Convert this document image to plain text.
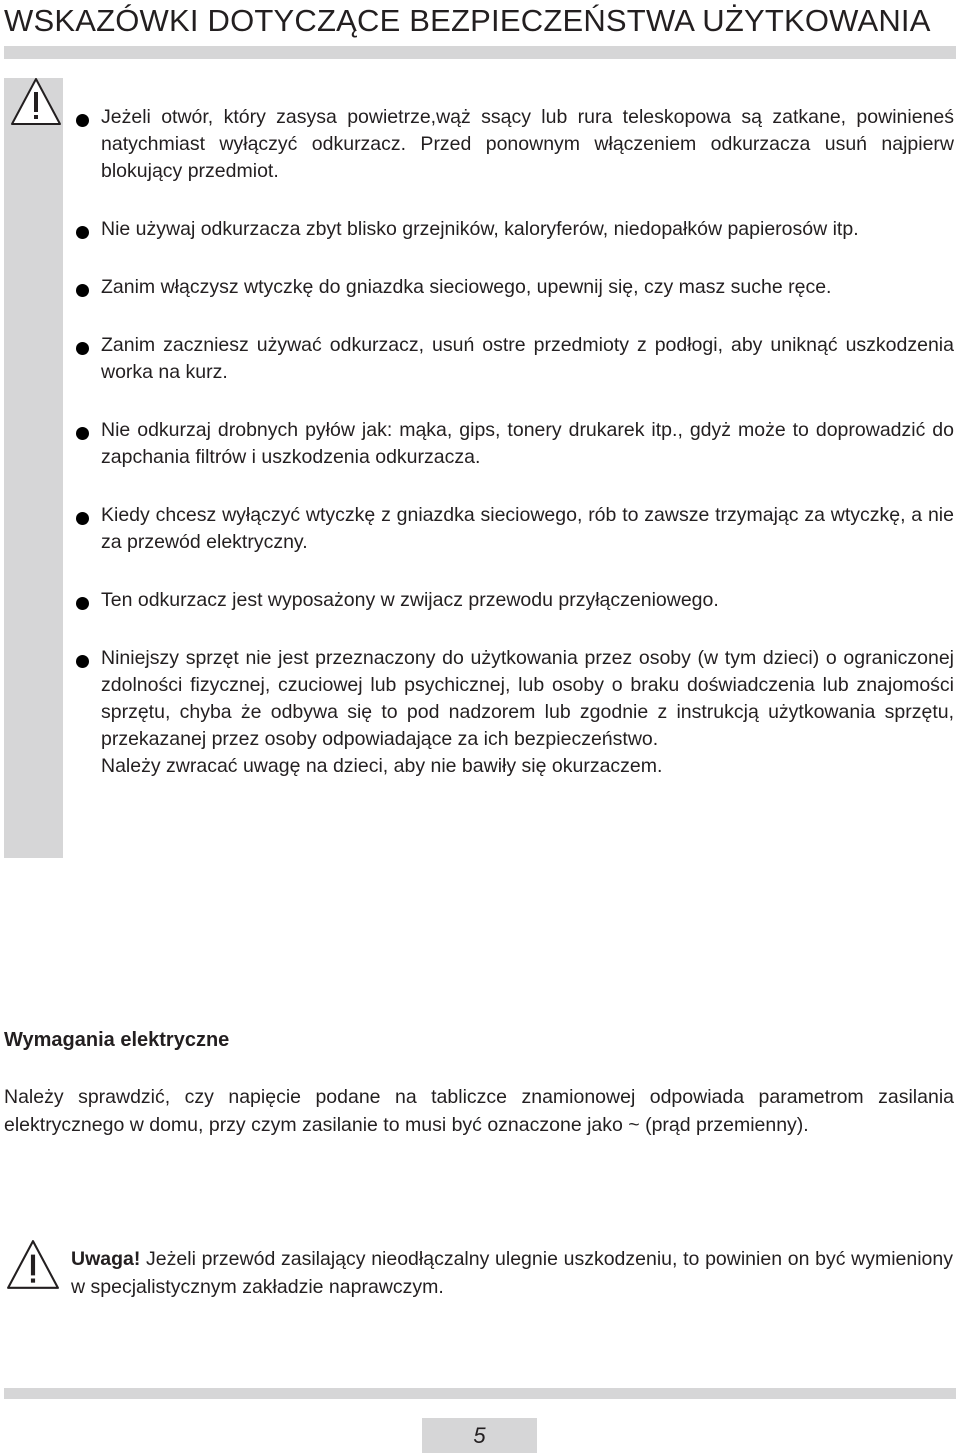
WSKAZÓWKI DOTYCZĄCE BEZPIECZEŃSTWA UŻYTKOWANIA
Jeżeli otwór, który zasysa powietrze,wąż ssący lub rura teleskopowa są zatkane, powinieneś natychmiast wyłączyć odkurzacz. Przed ponownym włączeniem odkurzacza usuń najpierw blokujący przedmiot.
Nie używaj odkurzacza zbyt blisko grzejników, kaloryferów, niedopałków papierosów itp.
Zanim włączysz wtyczkę do gniazdka sieciowego, upewnij się, czy masz suche ręce.
Zanim zaczniesz używać odkurzacz, usuń ostre przedmioty z podłogi, aby uniknąć uszkodzenia worka na kurz.
Nie odkurzaj drobnych pyłów jak: mąka, gips, tonery drukarek itp., gdyż może to doprowadzić do zapchania filtrów i uszkodzenia odkurzacza.
Kiedy chcesz wyłączyć wtyczkę z gniazdka sieciowego, rób to zawsze trzymając za wtyczkę, a nie za przewód elektryczny.
Ten odkurzacz jest wyposażony w zwijacz przewodu przyłączeniowego.
Niniejszy sprzęt nie jest przeznaczony do użytkowania przez osoby (w tym dzieci) o ograniczonej zdolności fizycznej, czuciowej lub psychicznej, lub osoby o braku doświadczenia lub znajomości sprzętu, chyba że odbywa się to pod nadzorem lub zgodnie z instrukcją użytkowania sprzętu, przekazanej przez osoby odpowiadające za ich bezpieczeństwo.
Należy zwracać uwagę na dzieci, aby nie bawiły się okurzaczem.
Wymagania elektryczne
Należy sprawdzić, czy napięcie podane na tabliczce znamionowej odpowiada parametrom zasilania elektrycznego w domu, przy czym zasilanie to musi być oznaczone jako ~ (prąd przemienny).
Uwaga! Jeżeli przewód zasilający nieodłączalny ulegnie uszkodzeniu, to powinien on być wymieniony w specjalistycznym zakładzie naprawczym.
5
